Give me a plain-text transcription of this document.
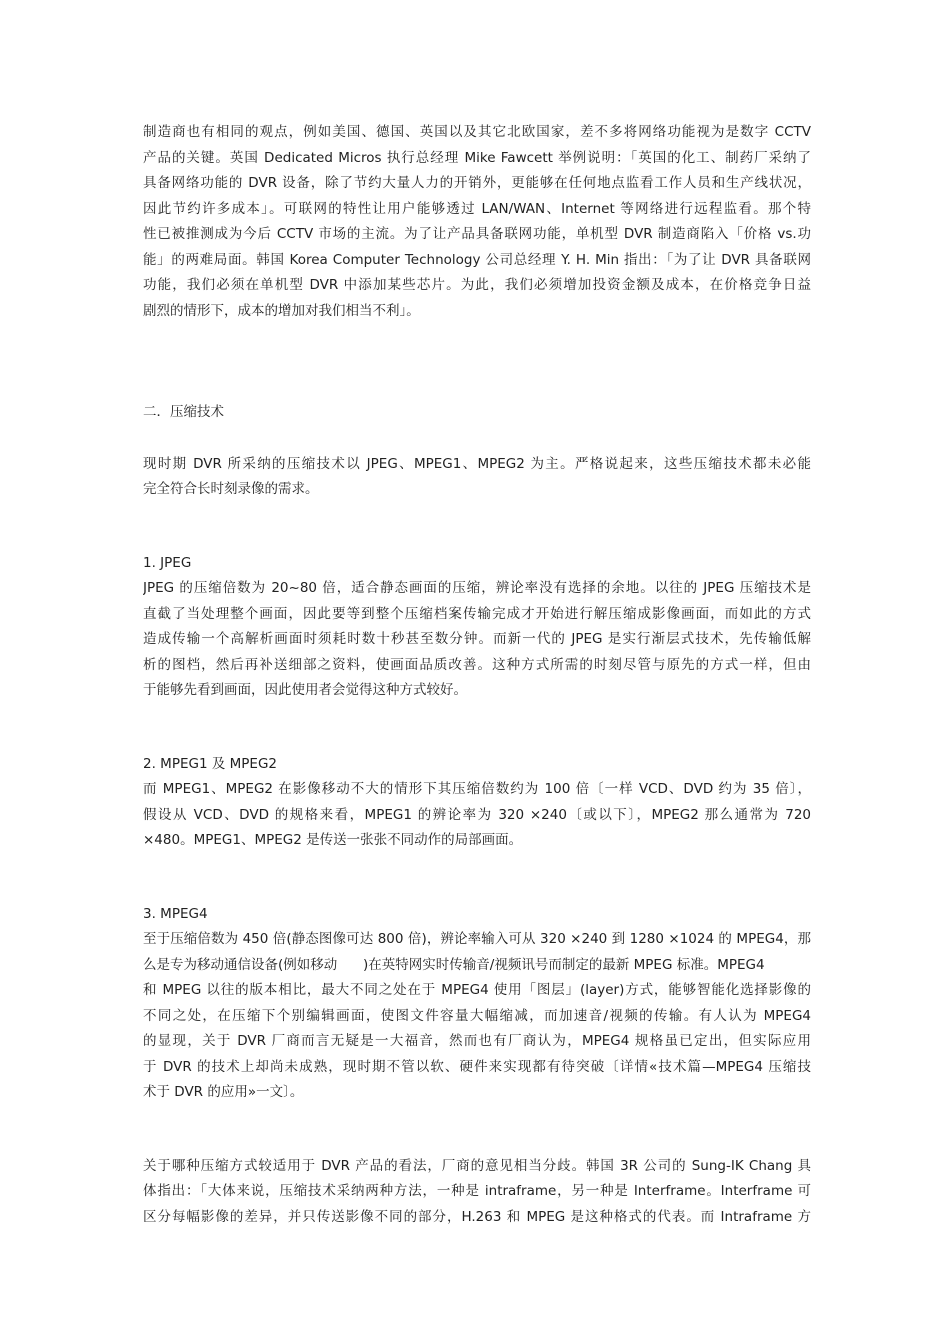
制造商也有相同的观点，例如美国、德国、英国以及其它北欧国家，差不多将网络功能视为是数字 CCTV
产品的关键。英国 Dedicated Micros 执行总经理 Mike Fawcett 举例说明：「英国的化工、制药厂采纳了
具备网络功能的 DVR 设备，除了节约大量人力的开销外，更能够在任何地点监看工作人员和生产线状况，
因此节约许多成本」。可联网的特性让用户能够透过 LAN/WAN、Internet 等网络进行远程监看。那个特
性已被推测成为今后 CCTV 市场的主流。为了让产品具备联网功能，单机型 DVR 制造商陷入「价格 vs.功
能」的两难局面。韩国 Korea Computer Technology 公司总经理 Y. H. Min 指出：「为了让 DVR 具备联网
功能，我们必须在单机型 DVR 中添加某些芯片。为此，我们必须增加投资金额及成本，在价格竞争日益
剧烈的情形下，成本的增加对我们相当不利」。
二．压缩技术
现时期 DVR 所采纳的压缩技术以 JPEG、MPEG1、MPEG2 为主。严格说起来，这些压缩技术都未必能
完全符合长时刻录像的需求。
1. JPEG
JPEG 的压缩倍数为 20~80 倍，适合静态画面的压缩，辨论率没有选择的余地。以往的 JPEG 压缩技术是
直截了当处理整个画面，因此要等到整个压缩档案传输完成才开始进行解压缩成影像画面，而如此的方式
造成传输一个高解析画面时须耗时数十秒甚至数分钟。而新一代的 JPEG 是实行渐层式技术，先传输低解
析的图档，然后再补送细部之资料，使画面品质改善。这种方式所需的时刻尽管与原先的方式一样，但由
于能够先看到画面，因此使用者会觉得这种方式较好。
2. MPEG1 及 MPEG2
而 MPEG1、MPEG2 在影像移动不大的情形下其压缩倍数约为 100 倍〔一样 VCD、DVD 约为 35 倍〕，
假设从 VCD、DVD 的规格来看，MPEG1 的辨论率为 320 ×240〔或以下〕，MPEG2 那么通常为 720
×480。MPEG1、MPEG2 是传送一张张不同动作的局部画面。
3. MPEG4
至于压缩倍数为 450 倍(静态图像可达 800 倍)，辨论率输入可从 320 ×240 到 1280 ×1024 的 MPEG4，那
么是专为移动通信设备(例如移动      )在英特网实时传输音/视频讯号而制定的最新 MPEG 标准。MPEG4
和 MPEG 以往的版本相比，最大不同之处在于 MPEG4 使用「图层」(layer)方式，能够智能化选择影像的
不同之处，在压缩下个别编辑画面，使图文件容量大幅缩减，而加速音/视频的传输。有人认为 MPEG4
的显现，关于 DVR 厂商而言无疑是一大福音，然而也有厂商认为，MPEG4 规格虽已定出，但实际应用
于 DVR 的技术上却尚未成熟，现时期不管以软、硬件来实现都有待突破〔详情«技术篇—MPEG4 压缩技
术于 DVR 的应用»一文〕。
关于哪种压缩方式较适用于 DVR 产品的看法，厂商的意见相当分歧。韩国 3R 公司的 Sung-IK Chang 具
体指出：「大体来说，压缩技术采纳两种方法，一种是 intraframe，另一种是 Interframe。Interframe 可
区分每幅影像的差异，并只传送影像不同的部分，H.263 和 MPEG 是这种格式的代表。而 Intraframe 方
